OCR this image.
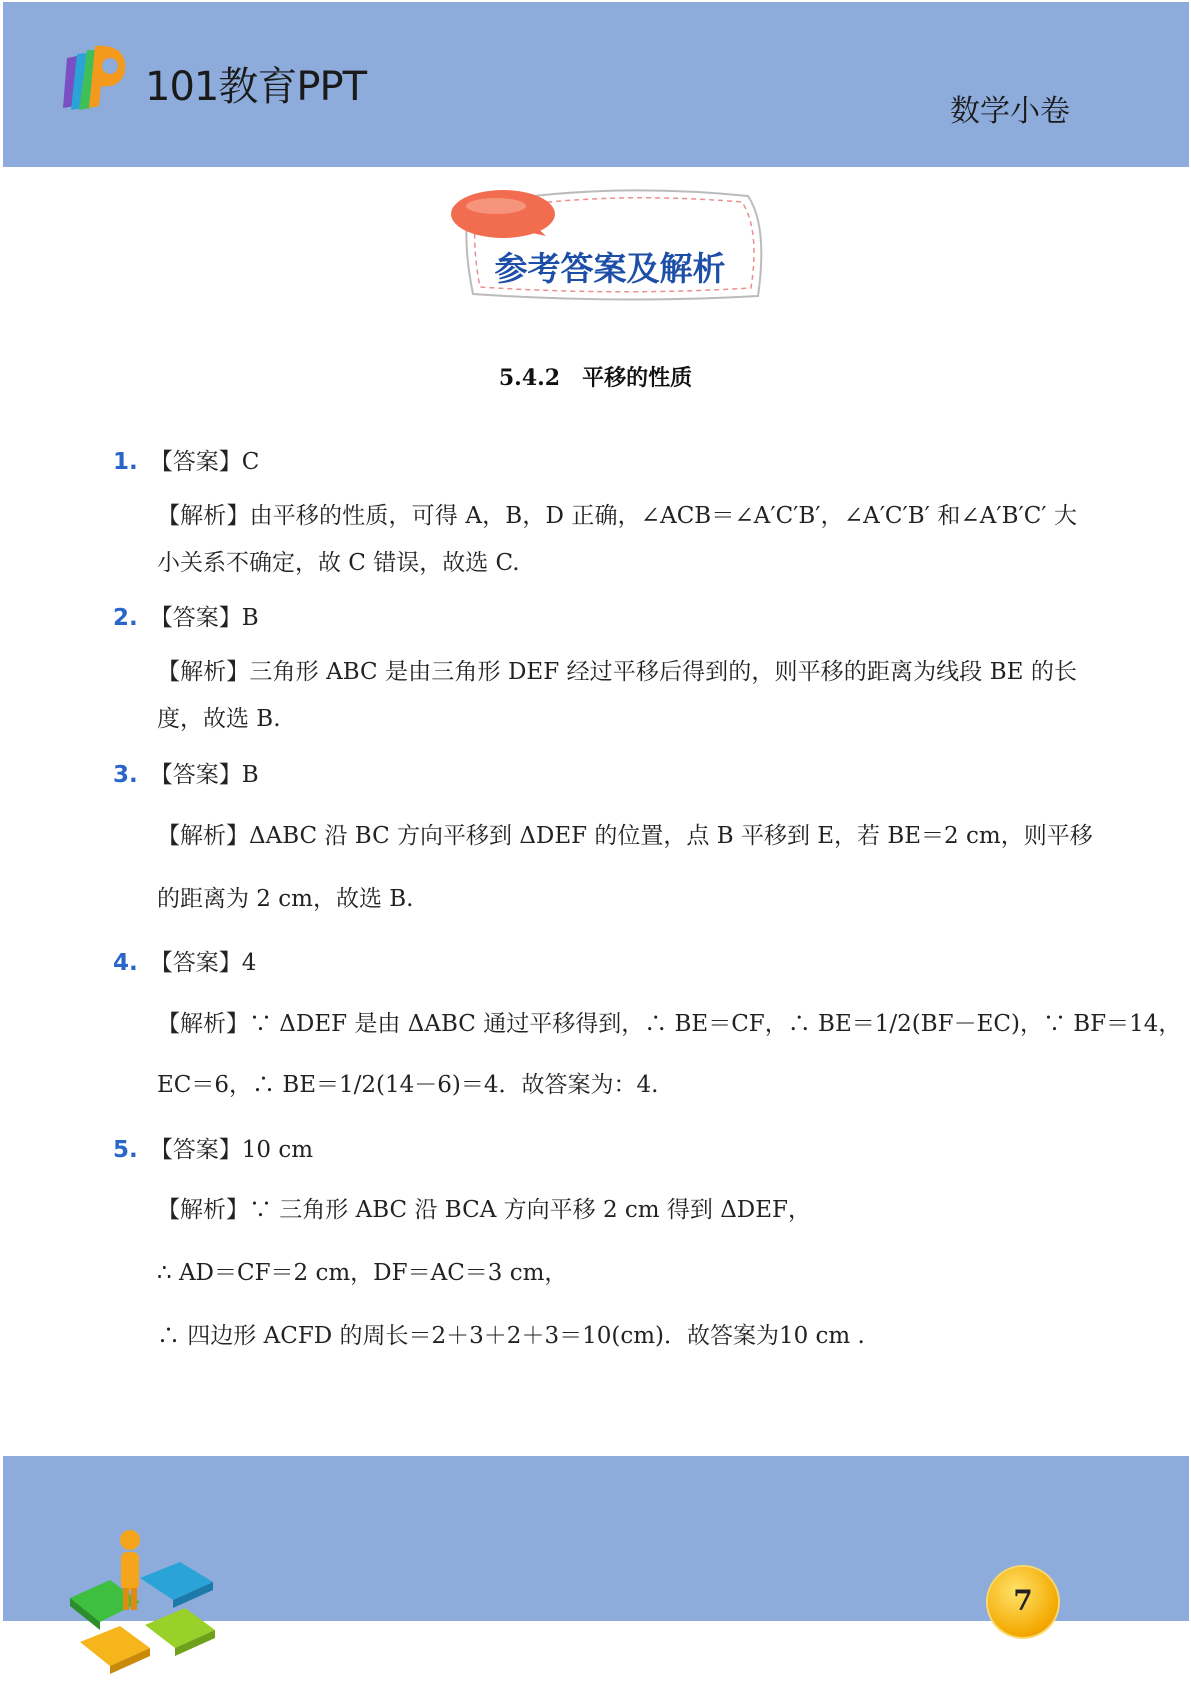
101教育PPT
数学小卷
参考答案及解析
5.4.2　平移的性质
1. 【答案】C
【解析】由平移的性质，可得 A，B，D 正确，∠ACB＝∠A′C′B′，∠A′C′B′ 和∠A′B′C′ 大
小关系不确定，故 C 错误，故选 C.
2. 【答案】B
【解析】三角形 ABC 是由三角形 DEF 经过平移后得到的，则平移的距离为线段 BE 的长
度，故选 B.
3. 【答案】B
【解析】ΔABC 沿 BC 方向平移到 ΔDEF 的位置，点 B 平移到 E，若 BE＝2 cm，则平移
的距离为 2 cm，故选 B.
4. 【答案】4
【解析】∵ ΔDEF 是由 ΔABC 通过平移得到，∴ BE＝CF，∴ BE＝1/2(BF－EC)，∵ BF＝14，
EC＝6，∴ BE＝1/2(14－6)＝4．故答案为：4.
5. 【答案】10 cm
【解析】∵ 三角形 ABC 沿 BCA 方向平移 2 cm 得到 ΔDEF，
∴ AD＝CF＝2 cm，DF＝AC＝3 cm，
∴ 四边形 ACFD 的周长＝2＋3＋2＋3＝10(cm)．故答案为10 cm .
7
